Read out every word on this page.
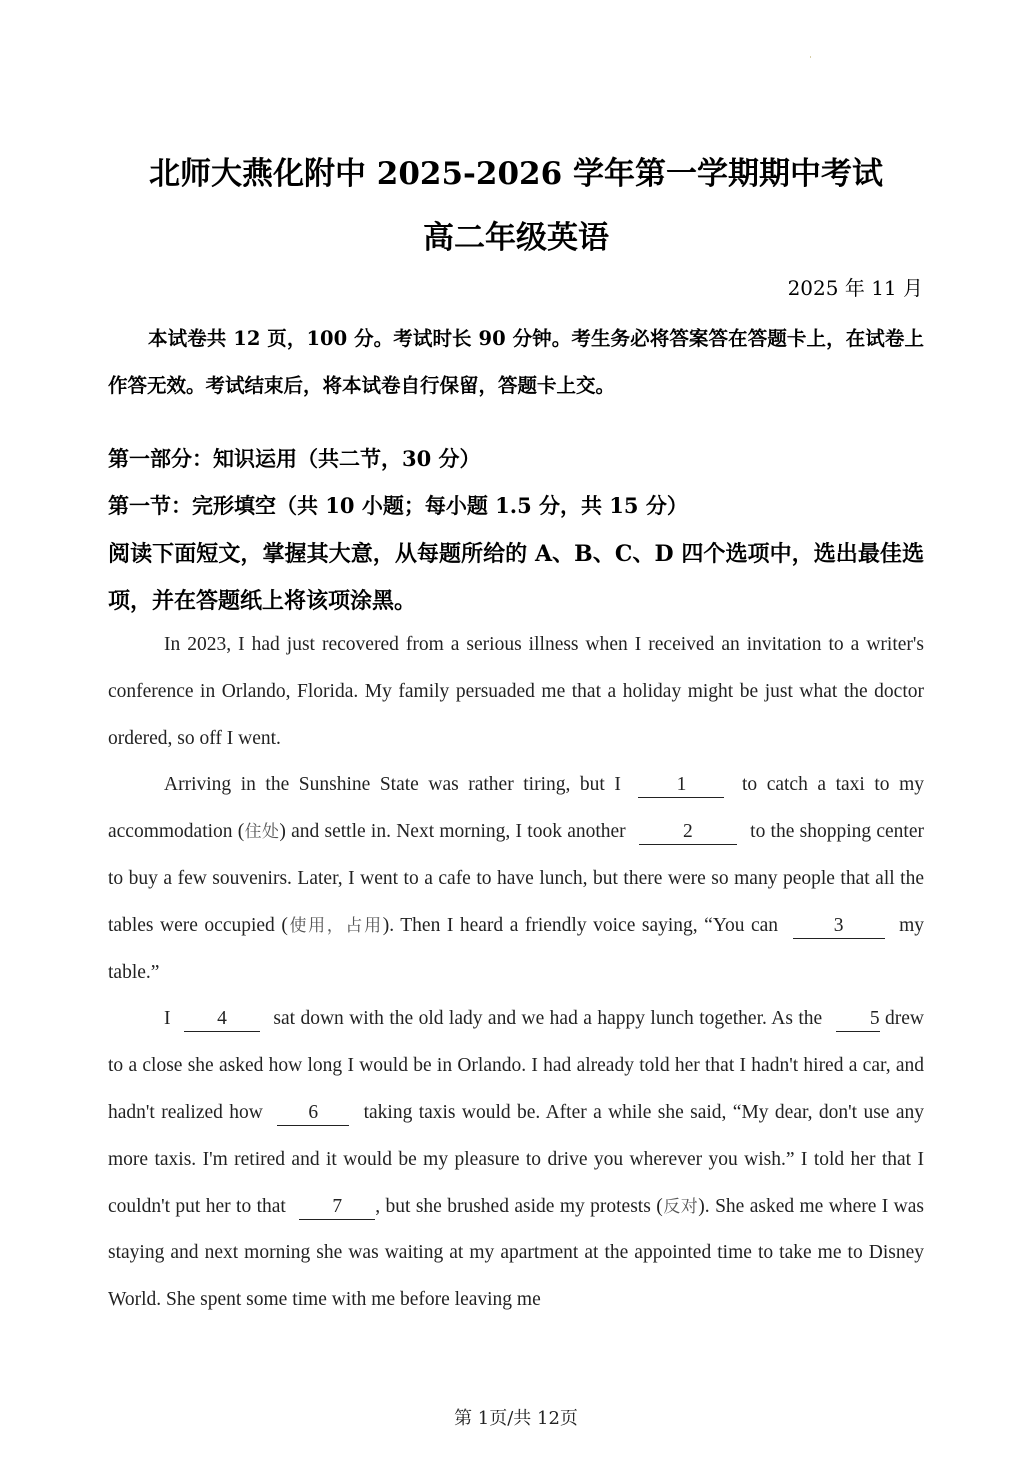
北师大燕化附中 2025-2026 学年第一学期期中考试
高二年级英语
2025 年 11 月
本试卷共 12 页，100 分。考试时长 90 分钟。考生务必将答案答在答题卡上，在试卷上作答无效。考试结束后，将本试卷自行保留，答题卡上交。
第一部分：知识运用（共二节，30 分）
第一节：完形填空（共 10 小题；每小题 1.5 分，共 15 分）
阅读下面短文，掌握其大意，从每题所给的 A、B、C、D 四个选项中，选出最佳选项，并在答题纸上将该项涂黑。

In 2023, I had just recovered from a serious illness when I received an invitation to a writer's conference in Orlando, Florida. My family persuaded me that a holiday might be just what the doctor ordered, so off I went.

Arriving in the Sunshine State was rather tiring, but I 1 to catch a taxi to my accommodation (住处) and settle in. Next morning, I took another	2	to the shopping center to buy a few souvenirs. Later, I went to a cafe to have lunch, but there were so many people that all the tables were occupied (使用，占用). Then I heard a friendly voice saying, “You can	3	my table.”

I 4 sat down with the old lady and we had a happy lunch together. As the 5 drew to a close she asked how long I would be in Orlando. I had already told her that I hadn't hired a car, and hadn't realized how 6 taking taxis would be. After a while she said, “My dear, don't use any more taxis. I'm retired and it would be my pleasure to drive you wherever you wish.” I told her that I couldn't put her to that 7 , but she brushed aside my protests (反对). She asked me where I was staying and next morning she was waiting at my apartment at the appointed time to take me to Disney World. She spent some time with me before leaving me

第 1页/共 12页
